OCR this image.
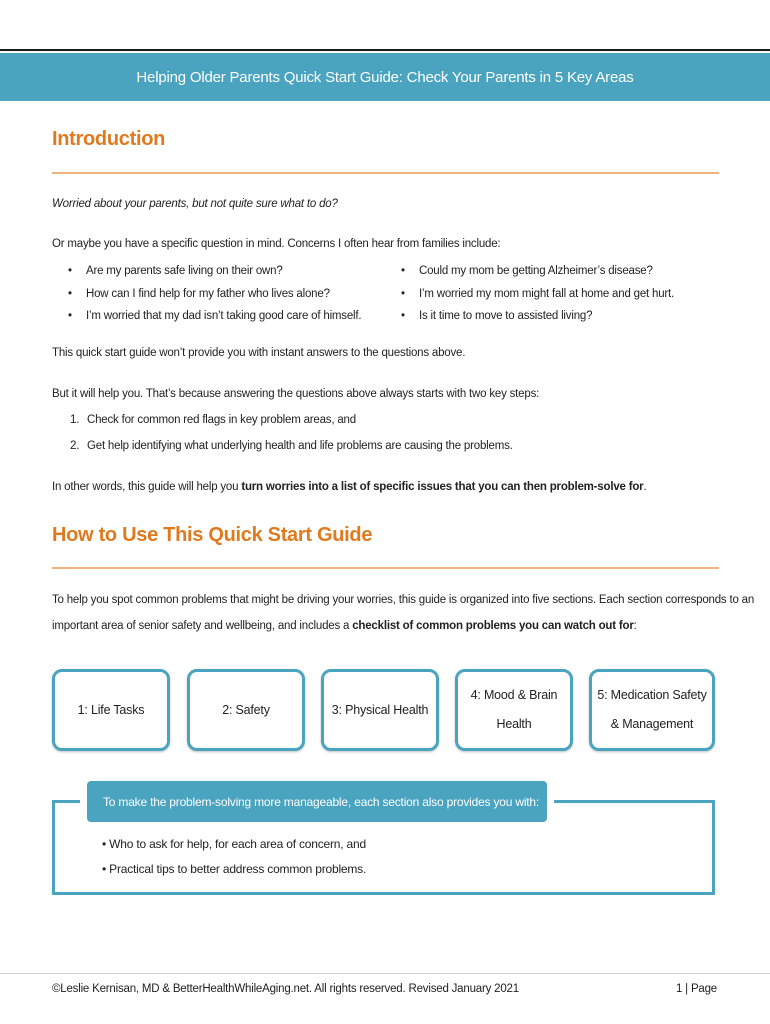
Helping Older Parents Quick Start Guide: Check Your Parents in 5 Key Areas
Introduction
Worried about your parents, but not quite sure what to do?
Or maybe you have a specific question in mind. Concerns I often hear from families include:
• Are my parents safe living on their own?
• How can I find help for my father who lives alone?
• I’m worried that my dad isn’t taking good care of himself.
• Could my mom be getting Alzheimer’s disease?
• I’m worried my mom might fall at home and get hurt.
• Is it time to move to assisted living?
This quick start guide won’t provide you with instant answers to the questions above.
But it will help you. That’s because answering the questions above always starts with two key steps:
1. Check for common red flags in key problem areas, and
2. Get help identifying what underlying health and life problems are causing the problems.
In other words, this guide will help you turn worries into a list of specific issues that you can then problem-solve for.
How to Use This Quick Start Guide
To help you spot common problems that might be driving your worries, this guide is organized into five sections. Each section corresponds to an
important area of senior safety and wellbeing, and includes a checklist of common problems you can watch out for:
1: Life Tasks	2: Safety	3: Physical Health
4: Mood & Brain
Health
5: Medication Safety
& Management
To make the problem-solving more manageable, each section also provides you with:
• Who to ask for help, for each area of concern, and
• Practical tips to better address common problems.
©Leslie Kernisan, MD & BetterHealthWhileAging.net. All rights reserved. Revised January 2021	1 | Page
